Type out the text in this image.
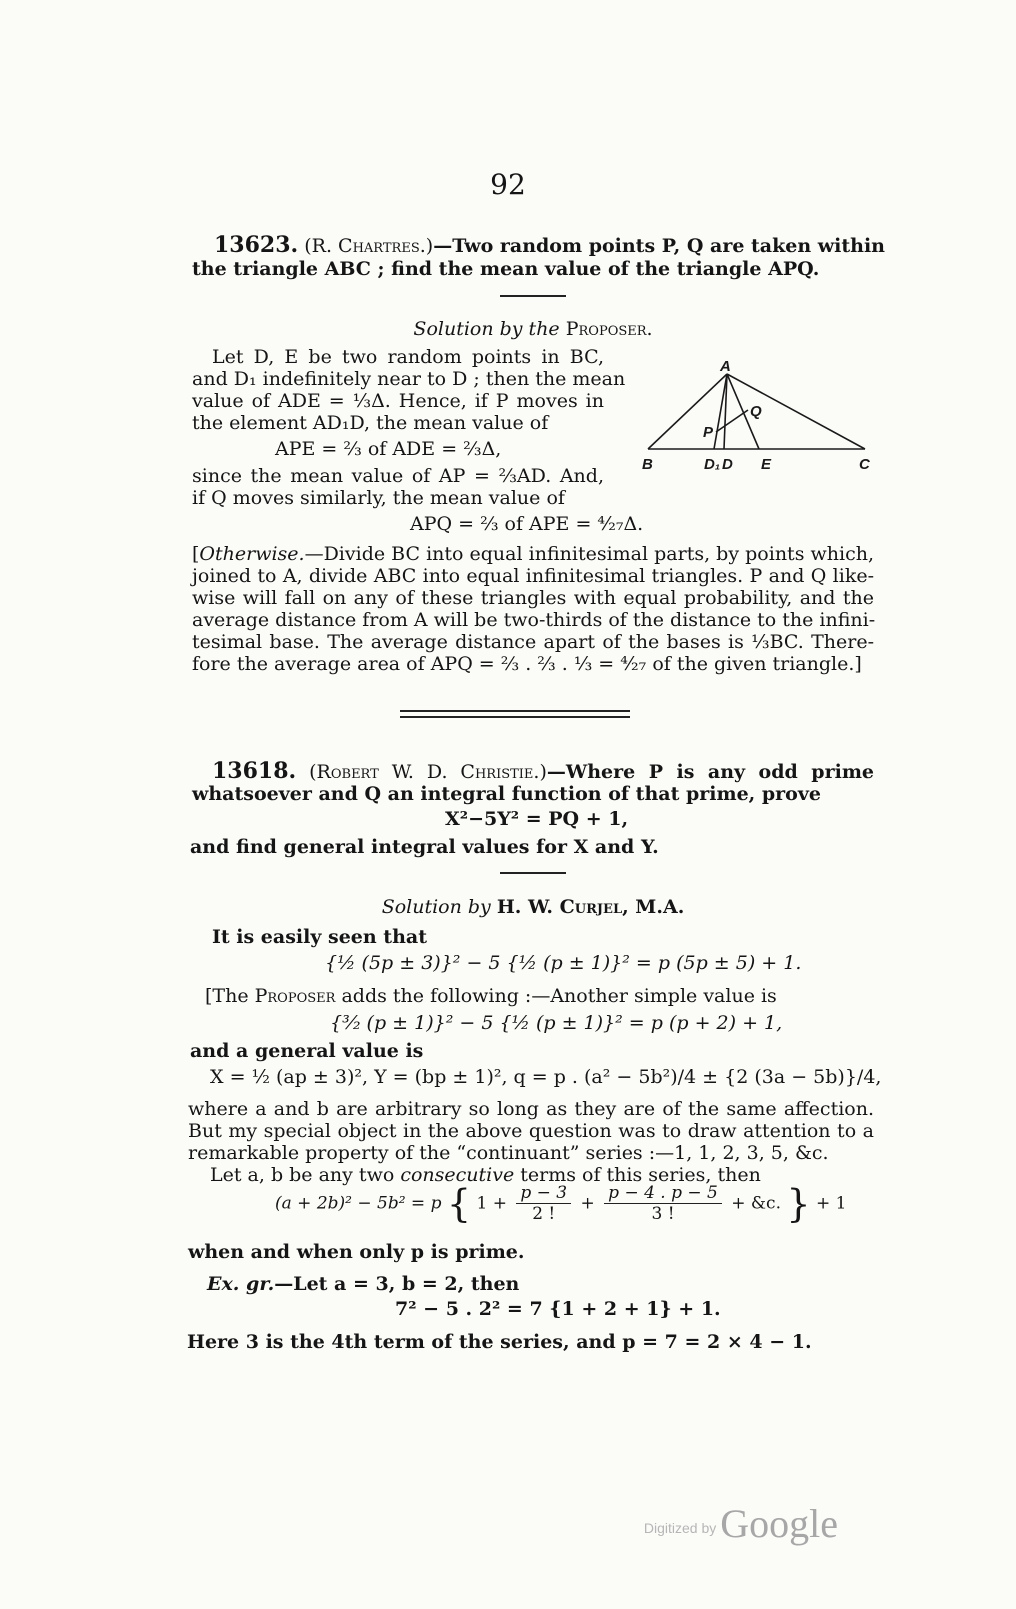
92
13623. (R. Chartres.)—Two random points P, Q are taken within
the triangle ABC ; find the mean value of the triangle APQ.
Solution by the Proposer.
Let D, E be two random points in BC,
and D₁ indefinitely near to D ; then the mean
value of ADE = ⅓Δ. Hence, if P moves in
the element AD₁D, the mean value of
APE = ⅔ of ADE = ⅔Δ,
since the mean value of AP = ⅔AD. And,
if Q moves similarly, the mean value of
APQ = ⅔ of APE = ⁴⁄₂₇Δ.
A
B	C
P
Q
D₁ D E
[Otherwise.—Divide BC into equal infinitesimal parts, by points which,
joined to A, divide ABC into equal infinitesimal triangles. P and Q like-
wise will fall on any of these triangles with equal probability, and the
average distance from A will be two-thirds of the distance to the infini-
tesimal base. The average distance apart of the bases is ⅓BC. There-
fore the average area of APQ = ⅔ . ⅔ . ⅓ = ⁴⁄₂₇ of the given triangle.]
13618. (Robert W. D. Christie.)—Where P is any odd prime
whatsoever and Q an integral function of that prime, prove
X²−5Y² = PQ + 1,
and find general integral values for X and Y.
Solution by H. W. Curjel, M.A.
It is easily seen that
{½ (5p ± 3)}² − 5 {½ (p ± 1)}² = p (5p ± 5) + 1.
[The Proposer adds the following :—Another simple value is
{³⁄₂ (p ± 1)}² − 5 {½ (p ± 1)}² = p (p + 2) + 1,
and a general value is
X = ½ (ap ± 3)², Y = (bp ± 1)², q = p . (a² − 5b²)/4 ± {2 (3a − 5b)}/4,
where a and b are arbitrary so long as they are of the same affection.
But my special object in the above question was to draw attention to a
remarkable property of the “continuant” series :—1, 1, 2, 3, 5, &c.
Let a, b be any two consecutive terms of this series, then
(a + 2b)² − 5b² = p { $1 + \frac{p - 3}{2 !} + \frac{p - 4 . p - 5}{3 !}$ + &c. } + 1
when and when only p is prime.
Ex. gr.—Let a = 3, b = 2, then
7² − 5 . 2² = 7 {1 + 2 + 1} + 1.
Here 3 is the 4th term of the series, and p = 7 = 2 × 4 − 1.
Digitized by Google
